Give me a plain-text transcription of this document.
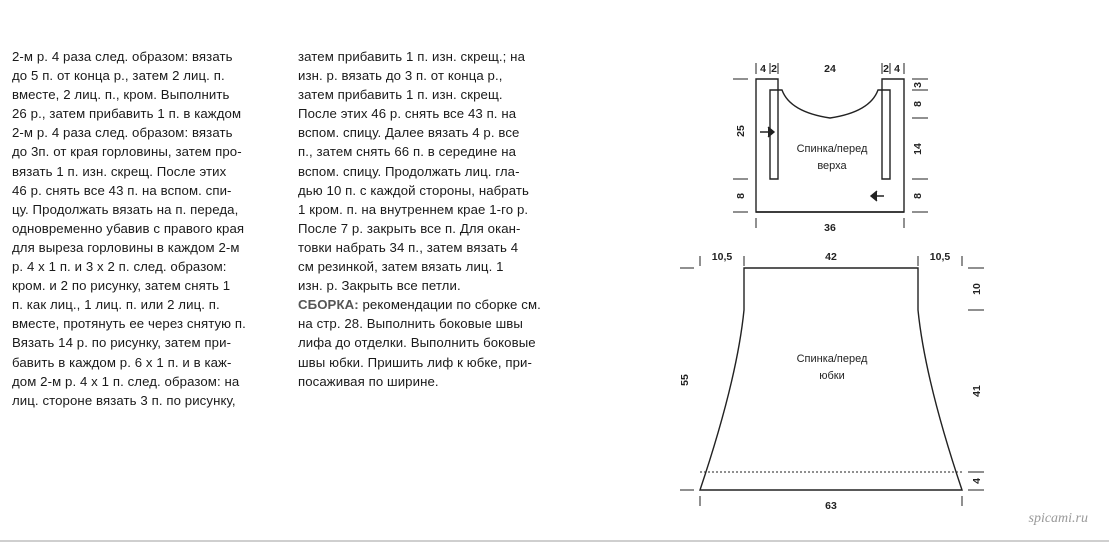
2-м р. 4 раза след. образом: вязать
до 5 п. от конца р., затем 2 лиц. п.
вместе, 2 лиц. п., кром. Выполнить
26 р., затем прибавить 1 п. в каждом
2-м р. 4 раза след. образом: вязать
до 3п. от края горловины, затем про-
вязать 1 п. изн. скрещ. После этих
46 р. снять все 43 п. на вспом. спи-
цу. Продолжать вязать на п. переда,
одновременно убавив с правого края
для выреза горловины в каждом 2-м
р. 4 х 1 п. и 3 х 2 п. след. образом:
кром. и 2 по рисунку, затем снять 1
п. как лиц., 1 лиц. п. или 2 лиц. п.
вместе, протянуть ее через снятую п.
Вязать 14 р. по рисунку, затем при-
бавить в каждом р. 6 х 1 п. и в каж-
дом 2-м р. 4 х 1 п. след. образом: на
лиц. стороне вязать 3 п. по рисунку,
затем прибавить 1 п. изн. скрещ.; на
изн. р. вязать до 3 п. от конца р.,
затем прибавить 1 п. изн. скрещ.
После этих 46 р. снять все 43 п. на
вспом. спицу. Далее вязать 4 р. все
п., затем снять 66 п. в середине на
вспом. спицу. Продолжать лиц. гла-
дью 10 п. с каждой стороны, набрать
1 кром. п. на внутреннем крае 1-го р.
После 7 р. закрыть все п. Для окан-
товки набрать 34 п., затем вязать 4
см резинкой, затем вязать лиц. 1
изн. р. Закрыть все петли.
СБОРКА: рекомендации по сборке см.
на стр. 28. Выполнить боковые швы
лифа до отделки. Выполнить боковые
швы юбки. Пришить лиф к юбке, при-
посаживая по ширине.
4 2	24	2 4
25
8
3
8
14
8
36
Спинка/перед
верха
10,5	42	10,5
10
41
4
55
63
Спинка/перед
юбки
spicami.ru
